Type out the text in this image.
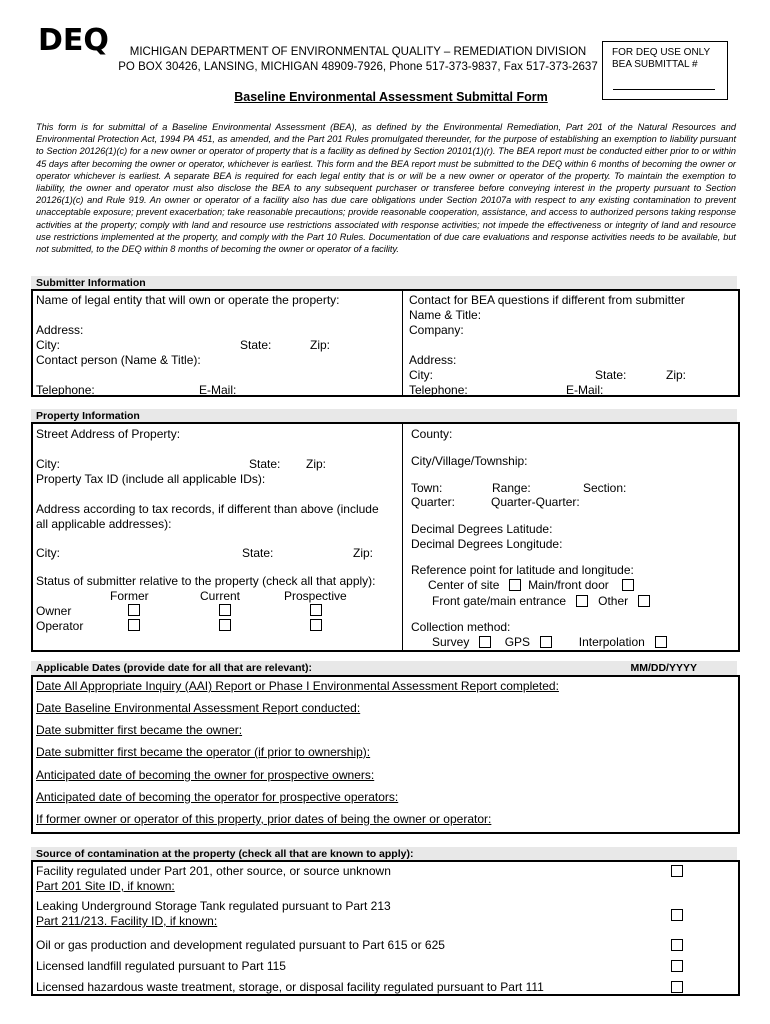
DEQ	MICHIGAN DEPARTMENT OF ENVIRONMENTAL QUALITY – REMEDIATION DIVISION
PO BOX 30426, LANSING, MICHIGAN 48909-7926, Phone 517-373-9837, Fax 517-373-2637
FOR DEQ USE ONLY
BEA SUBMITTAL #
Baseline Environmental Assessment Submittal Form
This form is for submittal of a Baseline Environmental Assessment (BEA), as defined by the Environmental Remediation, Part 201 of the Natural Resources and Environmental Protection Act, 1994 PA 451, as amended, and the Part 201 Rules promulgated thereunder, for the purpose of establishing an exemption to liability pursuant to Section 20126(1)(c) for a new owner or operator of property that is a facility as defined by Section 20101(1)(r). The BEA report must be conducted either prior to or within 45 days after becoming the owner or operator, whichever is earliest. This form and the BEA report must be submitted to the DEQ within 6 months of becoming the owner or operator whichever is earliest. A separate BEA is required for each legal entity that is or will be a new owner or operator of the property. To maintain the exemption to liability, the owner and operator must also disclose the BEA to any subsequent purchaser or transferee before conveying interest in the property pursuant to Section 20126(1)(c) and Rule 919. An owner or operator of a facility also has due care obligations under Section 20107a with respect to any existing contamination to prevent unacceptable exposure; prevent exacerbation; take reasonable precautions; provide reasonable cooperation, assistance, and access to authorized persons taking response activities at the property; comply with land and resource use restrictions associated with response activities; not impede the effectiveness or integrity of land and resource use restrictions implemented at the property, and comply with the Part 10 Rules. Documentation of due care evaluations and response activities needs to be available, but not submitted, to the DEQ within 8 months of becoming the owner or operator of a facility.
Submitter Information
Name of legal entity that will own or operate the property:
Address:
City:	State:	Zip:
Contact person (Name & Title):
Telephone:	E-Mail:
Contact for BEA questions if different from submitter
Name & Title:
Company:
Address:
City:	State:	Zip:
Telephone:	E-Mail:
Property Information
Street Address of Property:
City:	State: Zip:
Property Tax ID (include all applicable IDs):
Address according to tax records, if different than above (include
all applicable addresses):
City:	State:	Zip:
Status of submitter relative to the property (check all that apply):
Former	Current	Prospective
Owner
Operator
County:
City/Village/Township:
Town:	Range:	Section:
Quarter:	Quarter-Quarter:
Decimal Degrees Latitude:
Decimal Degrees Longitude:
Reference point for latitude and longitude:
Center of site Main/front door
Front gate/main entrance	Other
Collection method:
Survey	GPS	Interpolation
Applicable Dates (provide date for all that are relevant):	MM/DD/YYYY
Date All Appropriate Inquiry (AAI) Report or Phase I Environmental Assessment Report completed:
Date Baseline Environmental Assessment Report conducted:
Date submitter first became the owner:
Date submitter first became the operator (if prior to ownership):
Anticipated date of becoming the owner for prospective owners:
Anticipated date of becoming the operator for prospective operators:
If former owner or operator of this property, prior dates of being the owner or operator:
Source of contamination at the property (check all that are known to apply):
Facility regulated under Part 201, other source, or source unknown
Part 201 Site ID, if known:
Leaking Underground Storage Tank regulated pursuant to Part 213
Part 211/213. Facility ID, if known:
Oil or gas production and development regulated pursuant to Part 615 or 625
Licensed landfill regulated pursuant to Part 115
Licensed hazardous waste treatment, storage, or disposal facility regulated pursuant to Part 111
